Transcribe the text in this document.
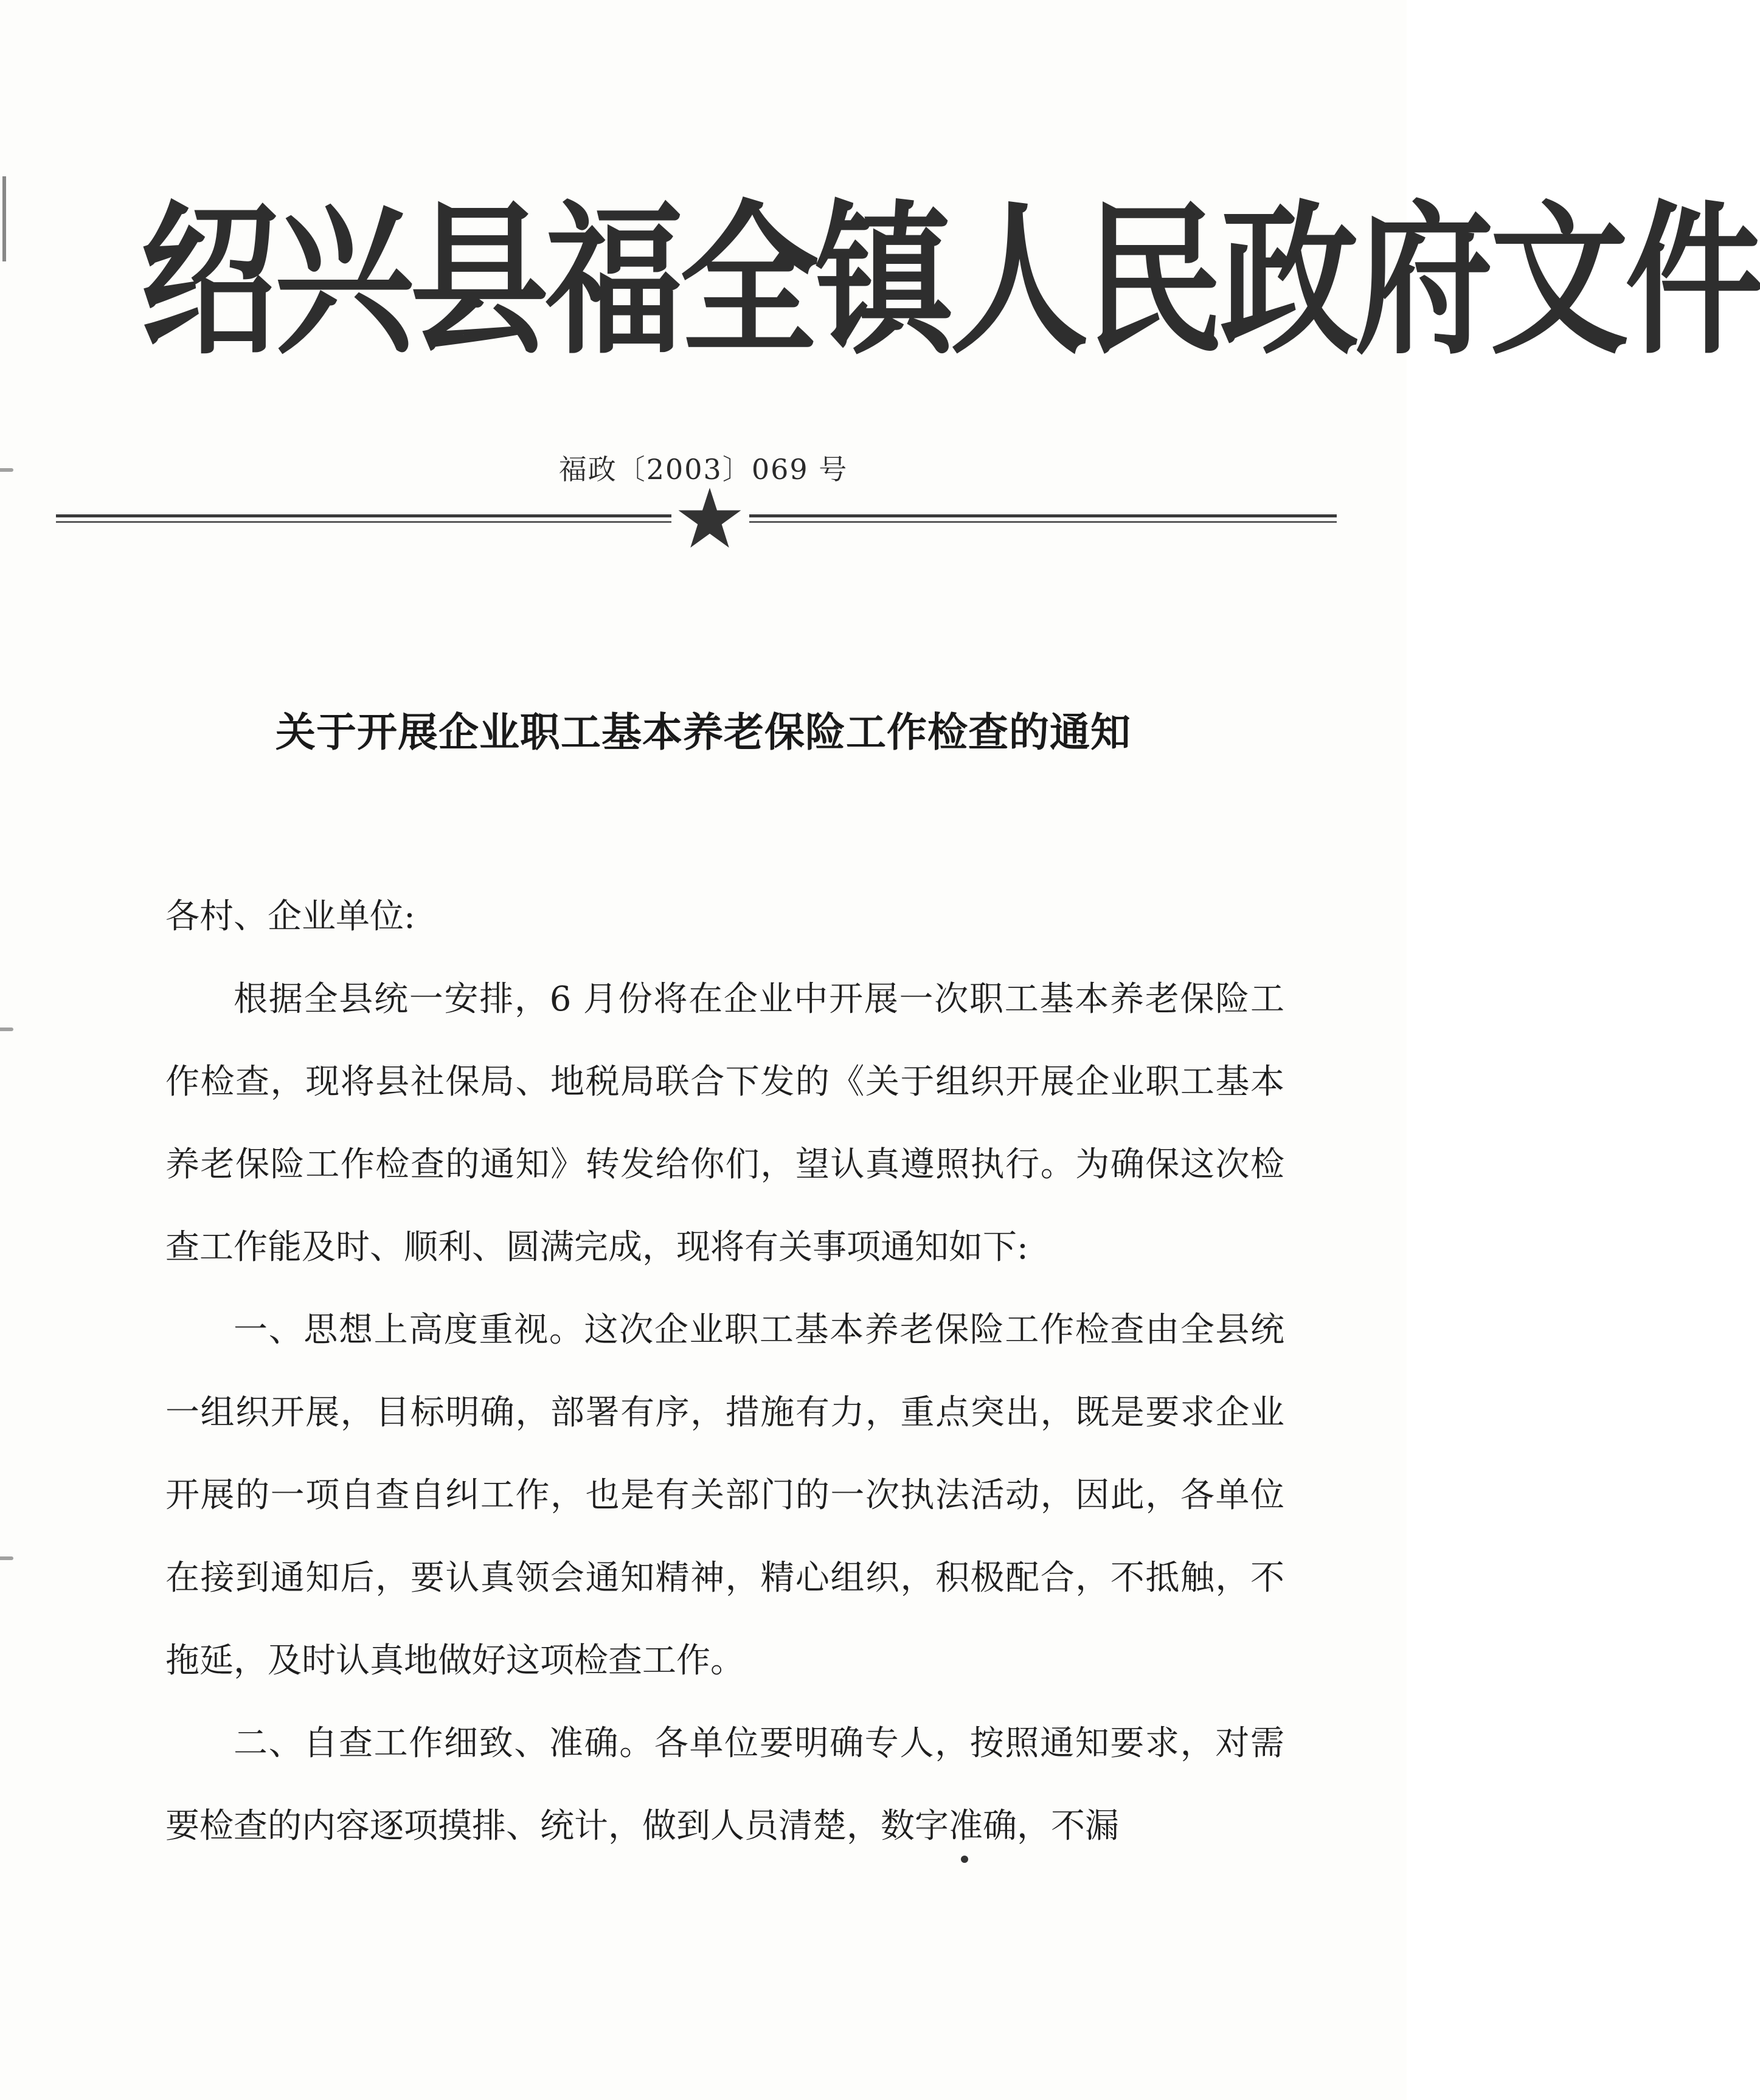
绍兴县福全镇人民政府文件
福政〔2003〕069 号
关于开展企业职工基本养老保险工作检查的通知

各村、企业单位:

根据全县统一安排，6 月份将在企业中开展一次职工基本养老保险工作检查，现将县社保局、地税局联合下发的《关于组织开展企业职工基本养老保险工作检查的通知》转发给你们，望认真遵照执行。为确保这次检查工作能及时、顺利、圆满完成，现将有关事项通知如下:

一、思想上高度重视。这次企业职工基本养老保险工作检查由全县统一组织开展，目标明确，部署有序，措施有力，重点突出，既是要求企业开展的一项自查自纠工作，也是有关部门的一次执法活动，因此，各单位在接到通知后，要认真领会通知精神，精心组织，积极配合，不抵触，不拖延，及时认真地做好这项检查工作。

二、自查工作细致、准确。各单位要明确专人，按照通知要求，对需要检查的内容逐项摸排、统计，做到人员清楚，数字准确，不漏
